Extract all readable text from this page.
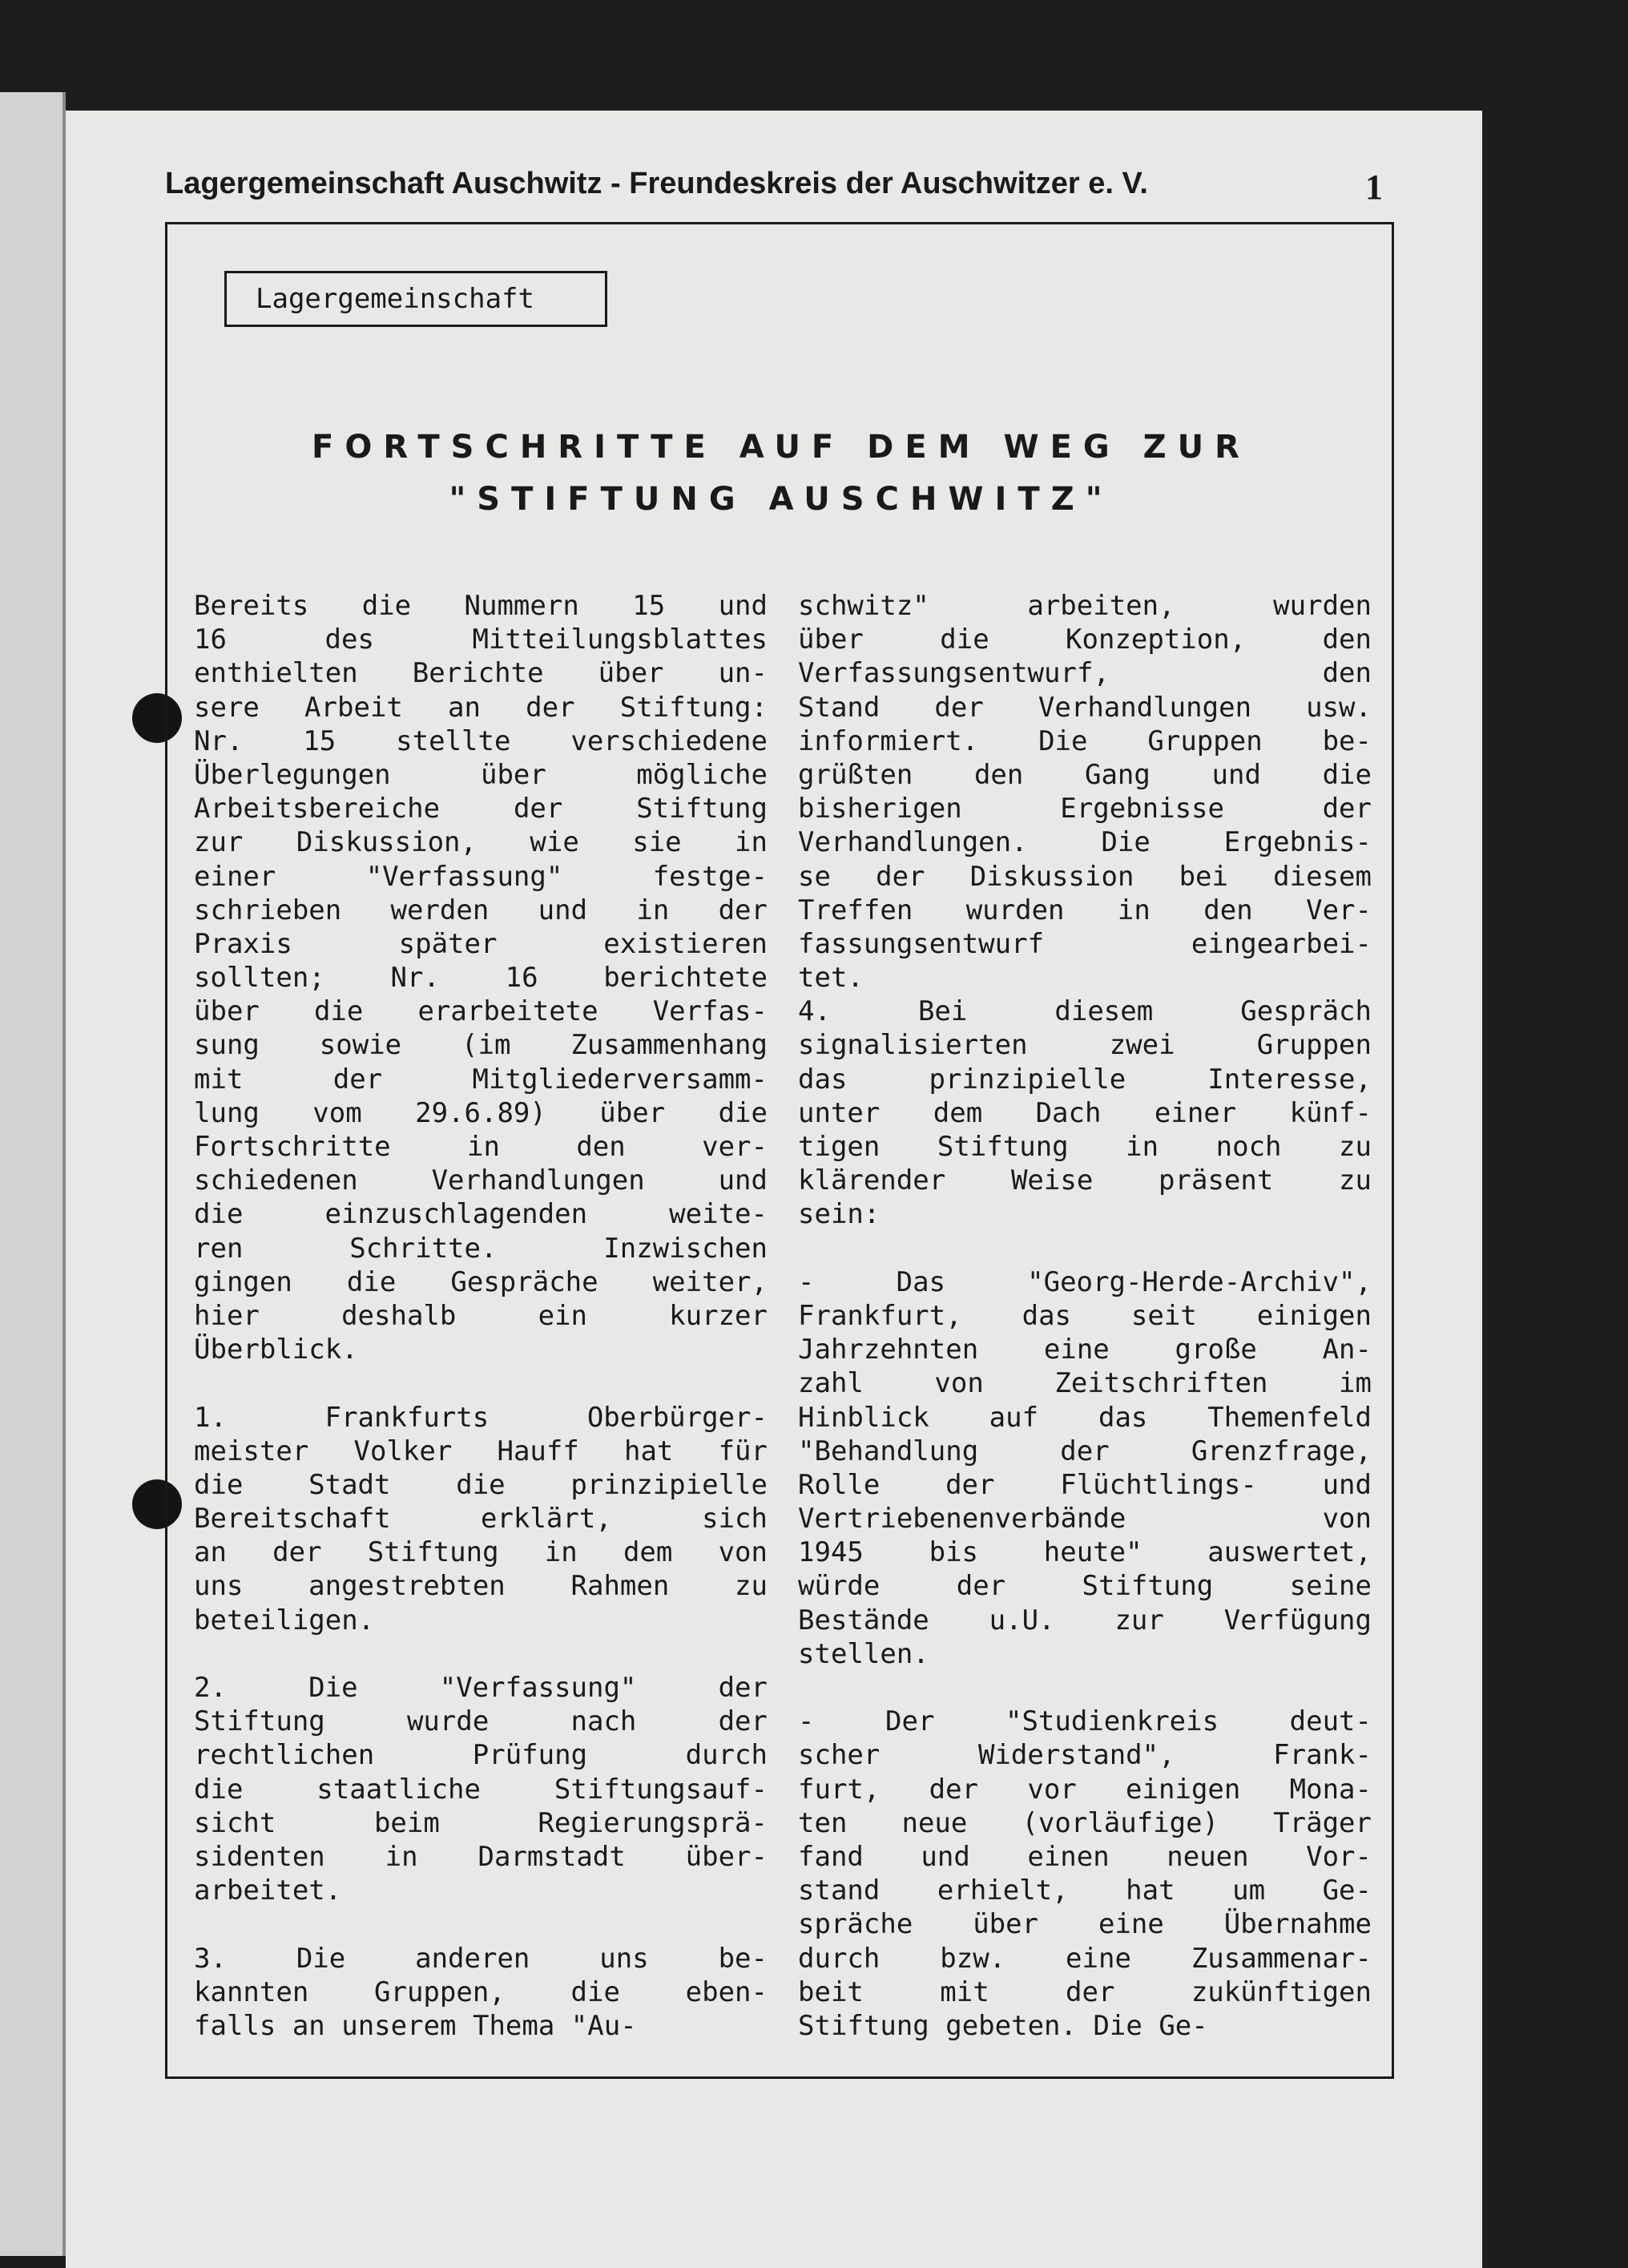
Lagergemeinschaft Auschwitz - Freundeskreis der Auschwitzer e. V.	1
Lagergemeinschaft
FORTSCHRITTE AUF DEM WEG ZUR
"STIFTUNG AUSCHWITZ"
Bereits die Nummern 15 und
16 des Mitteilungsblattes
enthielten Berichte über un-
sere Arbeit an der Stiftung:
Nr. 15 stellte verschiedene
Überlegungen über mögliche
Arbeitsbereiche der Stiftung
zur Diskussion, wie sie in
einer "Verfassung" festge-
schrieben werden und in der
Praxis später existieren
sollten; Nr. 16 berichtete
über die erarbeitete Verfas-
sung sowie (im Zusammenhang
mit der Mitgliederversamm-
lung vom 29.6.89) über die
Fortschritte in den ver-
schiedenen Verhandlungen und
die einzuschlagenden weite-
ren Schritte. Inzwischen
gingen die Gespräche weiter,
hier deshalb ein kurzer
Überblick.
1. Frankfurts Oberbürger-
meister Volker Hauff hat für
die Stadt die prinzipielle
Bereitschaft erklärt, sich
an der Stiftung in dem von
uns angestrebten Rahmen zu
beteiligen.
2. Die "Verfassung" der
Stiftung wurde nach der
rechtlichen Prüfung durch
die staatliche Stiftungsauf-
sicht beim Regierungsprä-
sidenten in Darmstadt über-
arbeitet.
3. Die anderen uns be-
kannten Gruppen, die eben-
falls an unserem Thema "Au-
schwitz" arbeiten, wurden
über die Konzeption, den
Verfassungsentwurf, den
Stand der Verhandlungen usw.
informiert. Die Gruppen be-
grüßten den Gang und die
bisherigen Ergebnisse der
Verhandlungen. Die Ergebnis-
se der Diskussion bei diesem
Treffen wurden in den Ver-
fassungsentwurf eingearbei-
tet.
4. Bei diesem Gespräch
signalisierten zwei Gruppen
das prinzipielle Interesse,
unter dem Dach einer künf-
tigen Stiftung in noch zu
klärender Weise präsent zu
sein:
- Das "Georg-Herde-Archiv",
Frankfurt, das seit einigen
Jahrzehnten eine große An-
zahl von Zeitschriften im
Hinblick auf das Themenfeld
"Behandlung der Grenzfrage,
Rolle der Flüchtlings- und
Vertriebenenverbände von
1945 bis heute" auswertet,
würde der Stiftung seine
Bestände u.U. zur Verfügung
stellen.
- Der "Studienkreis deut-
scher Widerstand", Frank-
furt, der vor einigen Mona-
ten neue (vorläufige) Träger
fand und einen neuen Vor-
stand erhielt, hat um Ge-
spräche über eine Übernahme
durch bzw. eine Zusammenar-
beit mit der zukünftigen
Stiftung gebeten. Die Ge-
